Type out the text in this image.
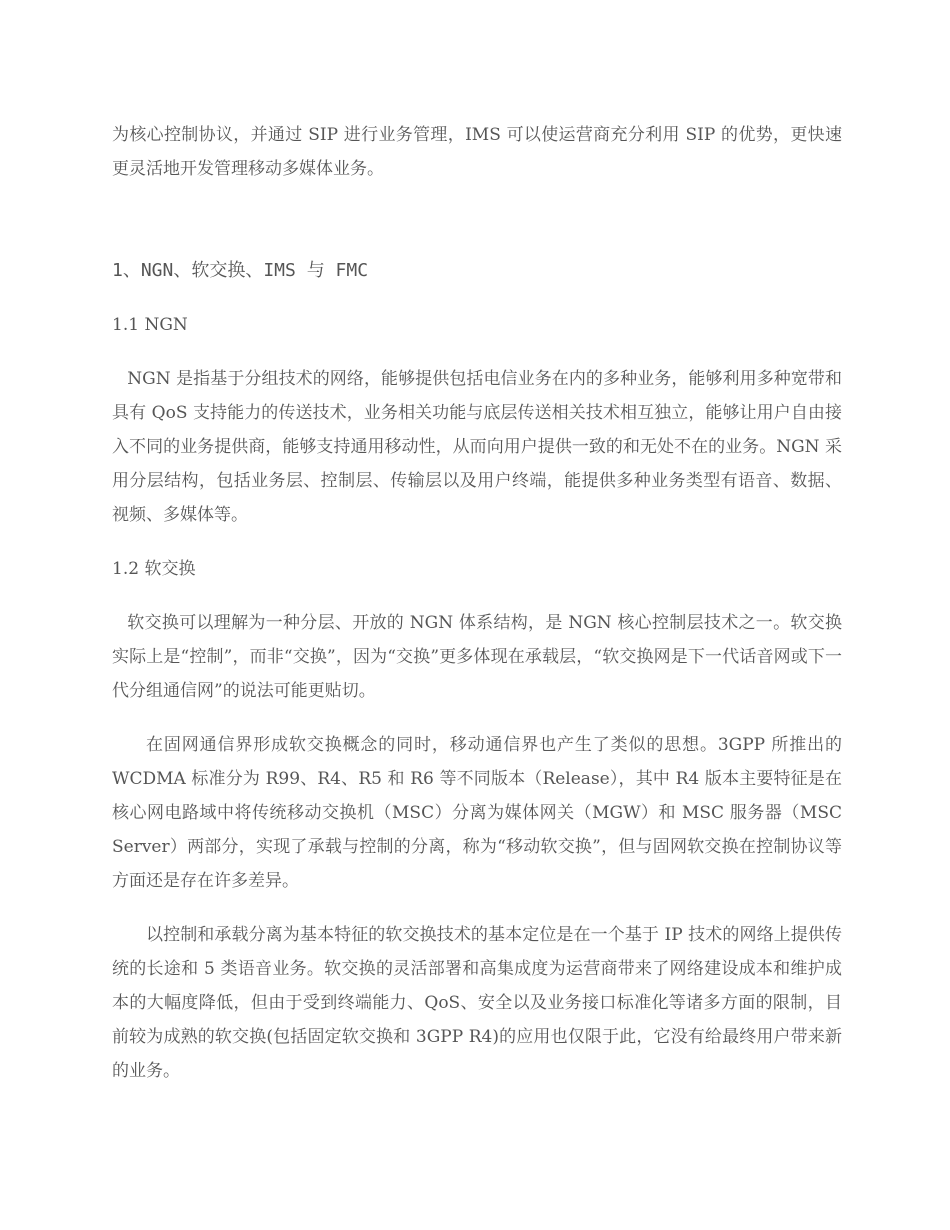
为核心控制协议，并通过 SIP 进行业务管理，IMS 可以使运营商充分利用 SIP 的优势，更快速更灵活地开发管理移动多媒体业务。

1、NGN、软交换、IMS 与 FMC
1.1 NGN

NGN 是指基于分组技术的网络，能够提供包括电信业务在内的多种业务，能够利用多种宽带和具有 QoS 支持能力的传送技术，业务相关功能与底层传送相关技术相互独立，能够让用户自由接入不同的业务提供商，能够支持通用移动性，从而向用户提供一致的和无处不在的业务。NGN 采用分层结构，包括业务层、控制层、传输层以及用户终端，能提供多种业务类型有语音、数据、视频、多媒体等。

1.2 软交换

软交换可以理解为一种分层、开放的 NGN 体系结构，是 NGN 核心控制层技术之一。软交换实际上是“控制”，而非“交换”，因为“交换”更多体现在承载层，“软交换网是下一代话音网或下一代分组通信网”的说法可能更贴切。

在固网通信界形成软交换概念的同时，移动通信界也产生了类似的思想。3GPP 所推出的 WCDMA 标准分为 R99、R4、R5 和 R6 等不同版本（Release），其中 R4 版本主要特征是在核心网电路域中将传统移动交换机（MSC）分离为媒体网关（MGW）和 MSC 服务器（MSC Server）两部分，实现了承载与控制的分离，称为“移动软交换”，但与固网软交换在控制协议等方面还是存在许多差异。

以控制和承载分离为基本特征的软交换技术的基本定位是在一个基于 IP 技术的网络上提供传统的长途和 5 类语音业务。软交换的灵活部署和高集成度为运营商带来了网络建设成本和维护成本的大幅度降低，但由于受到终端能力、QoS、安全以及业务接口标准化等诸多方面的限制，目前较为成熟的软交换(包括固定软交换和 3GPP R4)的应用也仅限于此，它没有给最终用户带来新的业务。
